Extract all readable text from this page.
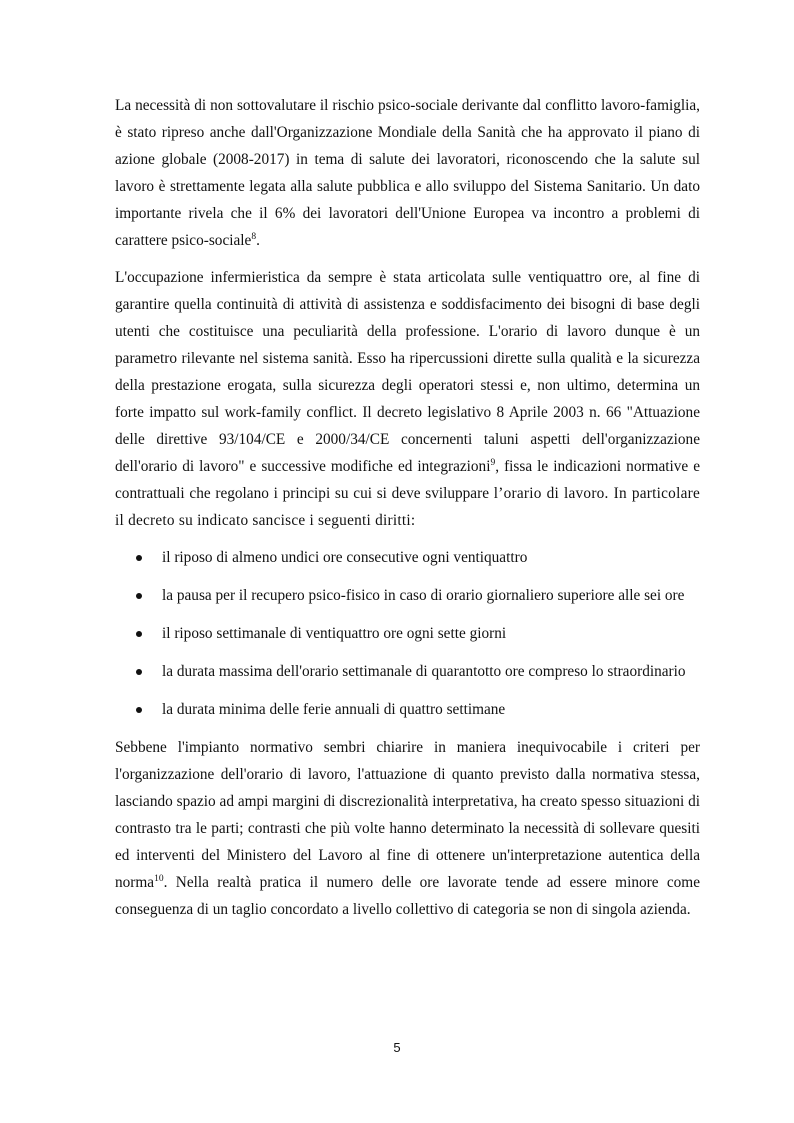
La necessità di non sottovalutare il rischio psico-sociale derivante dal conflitto lavoro-famiglia, è stato ripreso anche dall'Organizzazione Mondiale della Sanità che ha approvato il piano di azione globale (2008-2017) in tema di salute dei lavoratori, riconoscendo che la salute sul lavoro è strettamente legata alla salute pubblica e allo sviluppo del Sistema Sanitario. Un dato importante rivela che il 6% dei lavoratori dell'Unione Europea va incontro a problemi di carattere psico-sociale$^8$.

L'occupazione infermieristica da sempre è stata articolata sulle ventiquattro ore, al fine di garantire quella continuità di attività di assistenza e soddisfacimento dei bisogni di base degli utenti che costituisce una peculiarità della professione. L'orario di lavoro dunque è un parametro rilevante nel sistema sanità. Esso ha ripercussioni dirette sulla qualità e la sicurezza della prestazione erogata, sulla sicurezza degli operatori stessi e, non ultimo, determina un forte impatto sul work-family conflict. Il decreto legislativo 8 Aprile 2003 n. 66 "Attuazione delle direttive 93/104/CE e 2000/34/CE concernenti taluni aspetti dell'organizzazione dell'orario di lavoro" e successive modifiche ed integrazioni$^9$, fissa le indicazioni normative e contrattuali che regolano i principi su cui si deve sviluppare l’orario di lavoro. In particolare il decreto su indicato sancisce i seguenti diritti:

il riposo di almeno undici ore consecutive ogni ventiquattro
la pausa per il recupero psico-fisico in caso di orario giornaliero superiore alle sei ore
il riposo settimanale di ventiquattro ore ogni sette giorni
la durata massima dell'orario settimanale di quarantotto ore compreso lo straordinario
la durata minima delle ferie annuali di quattro settimane

Sebbene l'impianto normativo sembri chiarire in maniera inequivocabile i criteri per l'organizzazione dell'orario di lavoro, l'attuazione di quanto previsto dalla normativa stessa, lasciando spazio ad ampi margini di discrezionalità interpretativa, ha creato spesso situazioni di contrasto tra le parti; contrasti che più volte hanno determinato la necessità di sollevare quesiti ed interventi del Ministero del Lavoro al fine di ottenere un'interpretazione autentica della norma$^{10}$. Nella realtà pratica il numero delle ore lavorate tende ad essere minore come conseguenza di un taglio concordato a livello collettivo di categoria se non di singola azienda.

5
